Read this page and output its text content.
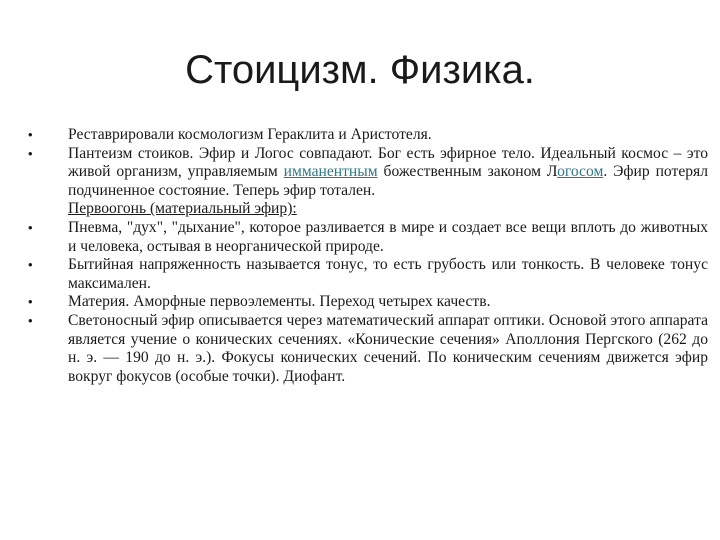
Стоицизм. Физика.
•	Реставрировали космологизм Гераклита и Аристотеля.
•	Пантеизм стоиков. Эфир и Логос совпадают. Бог есть эфирное тело. Идеальный космос – это живой организм, управляемым имманентным божественным законом Логосом. Эфир потерял подчиненное состояние. Теперь эфир тотален.
Первоогонь (материальный эфир):
•	Пневма, "дух", "дыхание", которое разливается в мире и создает все вещи вплоть до животных и человека, остывая в неорганической природе.
•	Бытийная напряженность называется тонус, то есть грубость или тонкость. В человеке тонус максимален.
•	Материя. Аморфные первоэлементы. Переход четырех качеств.
•	Светоносный эфир описывается через математический аппарат оптики. Основой этого аппарата является учение о конических сечениях. «Конические сечения» Аполлония Пергского (262 до н. э. — 190 до н. э.). Фокусы конических сечений. По коническим сечениям движется эфир вокруг фокусов (особые точки). Диофант.
